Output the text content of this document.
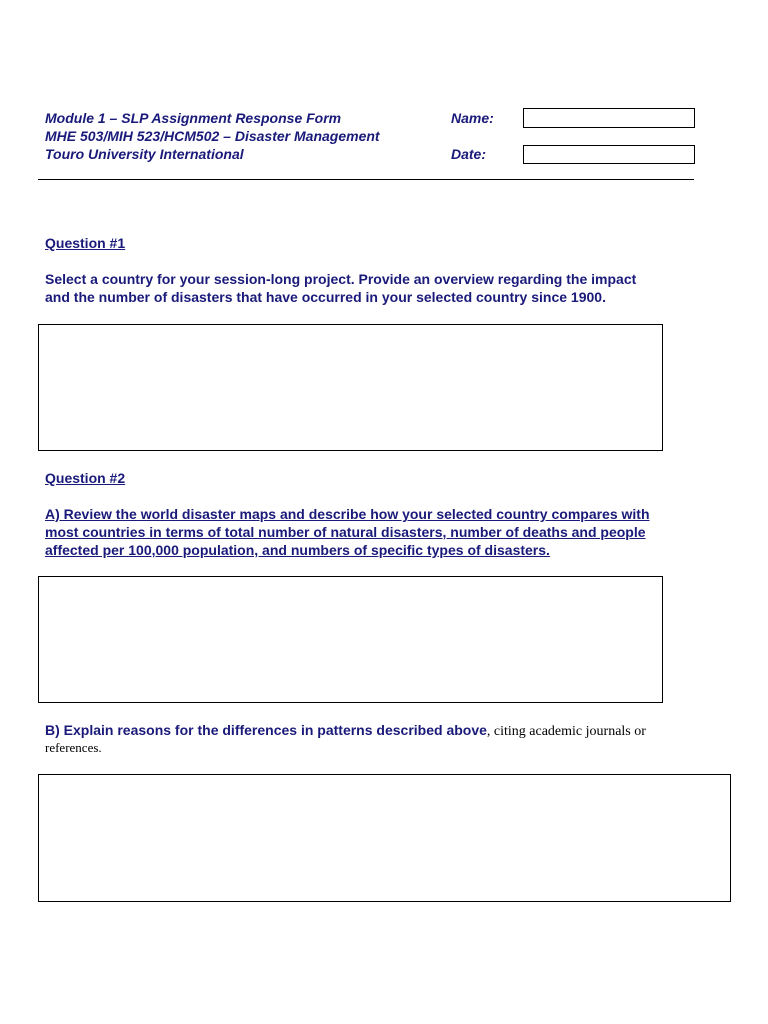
Module 1 – SLP Assignment Response Form
MHE 503/MIH 523/HCM502 – Disaster Management
Touro University International
Name:
Date:
Question #1
Select a country for your session-long project. Provide an overview regarding the impact
and the number of disasters that have occurred in your selected country since 1900.
Question #2
A) Review the world disaster maps and describe how your selected country compares with
most countries in terms of total number of natural disasters, number of deaths and people
affected per 100,000 population, and numbers of specific types of disasters.
B) Explain reasons for the differences in patterns described above, citing academic journals or
references.
